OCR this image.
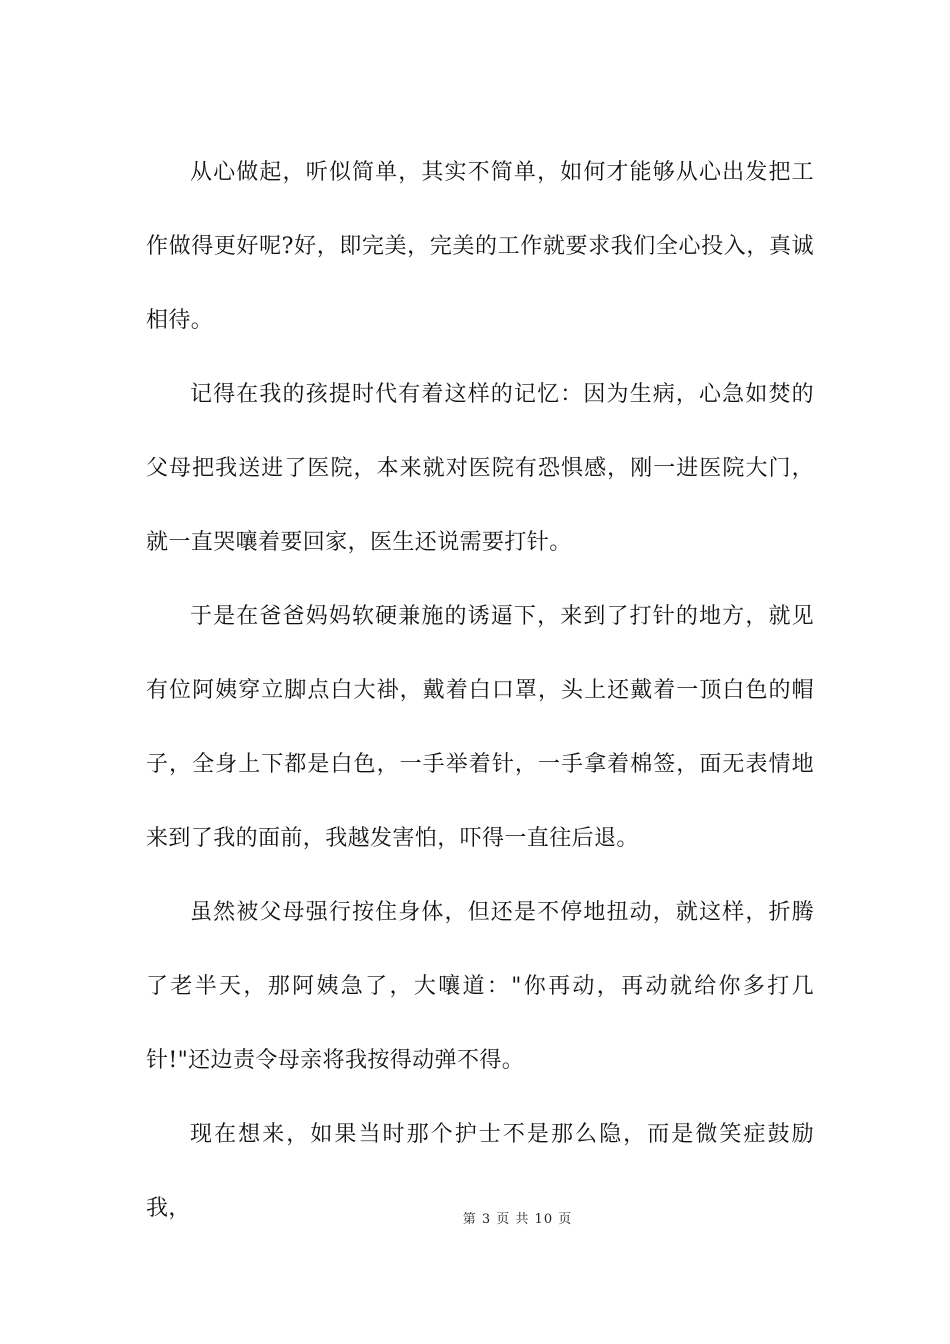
从心做起，听似简单，其实不简单，如何才能够从心出发把工作做得更好呢?好，即完美，完美的工作就要求我们全心投入，真诚相待。

记得在我的孩提时代有着这样的记忆：因为生病，心急如焚的父母把我送进了医院，本来就对医院有恐惧感，刚一进医院大门，就一直哭嚷着要回家，医生还说需要打针。

于是在爸爸妈妈软硬兼施的诱逼下，来到了打针的地方，就见有位阿姨穿立脚点白大褂，戴着白口罩，头上还戴着一顶白色的帽子，全身上下都是白色，一手举着针，一手拿着棉签，面无表情地来到了我的面前，我越发害怕，吓得一直往后退。

虽然被父母强行按住身体，但还是不停地扭动，就这样，折腾了老半天，那阿姨急了，大嚷道："你再动，再动就给你多打几针!"还边责令母亲将我按得动弹不得。

现在想来，如果当时那个护士不是那么隐，而是微笑症鼓励我，	第 3 页 共 10 页
